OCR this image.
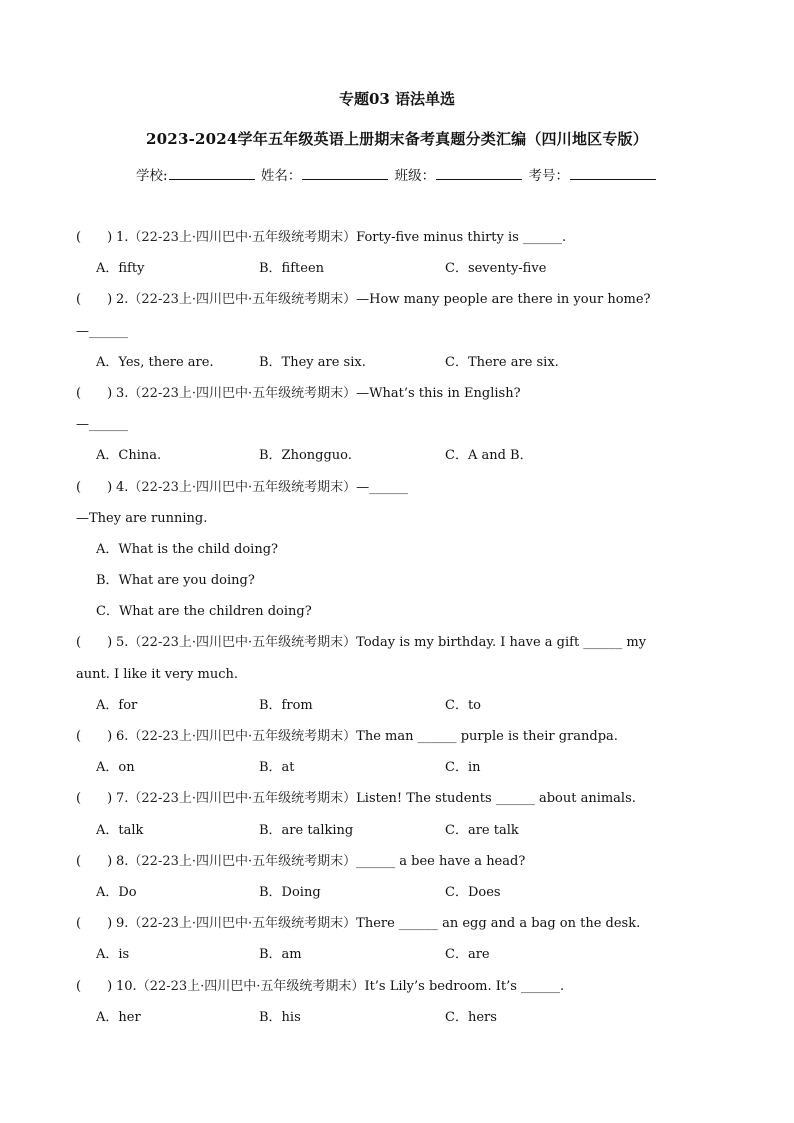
专题03 语法单选
2023-2024学年五年级英语上册期末备考真题分类汇编（四川地区专版）
学校:	姓名：	班级：	考号：
(　　) 1.（22-23上·四川巴中·五年级统考期末）Forty-five minus thirty is ______.
A．fifty	B．fifteen	C．seventy-five
(　　) 2.（22-23上·四川巴中·五年级统考期末）—How many people are there in your home?
—______
A．Yes, there are.	B．They are six.	C．There are six.
(　　) 3.（22-23上·四川巴中·五年级统考期末）—What’s this in English?
—______
A．China.	B．Zhongguo.	C．A and B．
(　　) 4.（22-23上·四川巴中·五年级统考期末）—______
—They are running.
A．What is the child doing?
B．What are you doing?
C．What are the children doing?
(　　) 5.（22-23上·四川巴中·五年级统考期末）Today is my birthday. I have a gift ______ my
aunt. I like it very much.
A．for	B．from	C．to
(　　) 6.（22-23上·四川巴中·五年级统考期末）The man ______ purple is their grandpa.
A．on	B．at	C．in
(　　) 7.（22-23上·四川巴中·五年级统考期末）Listen! The students ______ about animals.
A．talk	B．are talking	C．are talk
(　　) 8.（22-23上·四川巴中·五年级统考期末）______ a bee have a head?
A．Do	B．Doing	C．Does
(　　) 9.（22-23上·四川巴中·五年级统考期末）There ______ an egg and a bag on the desk.
A．is	B．am	C．are
(　　) 10.（22-23上·四川巴中·五年级统考期末）It’s Lily’s bedroom. It’s ______.
A．her	B．his	C．hers
